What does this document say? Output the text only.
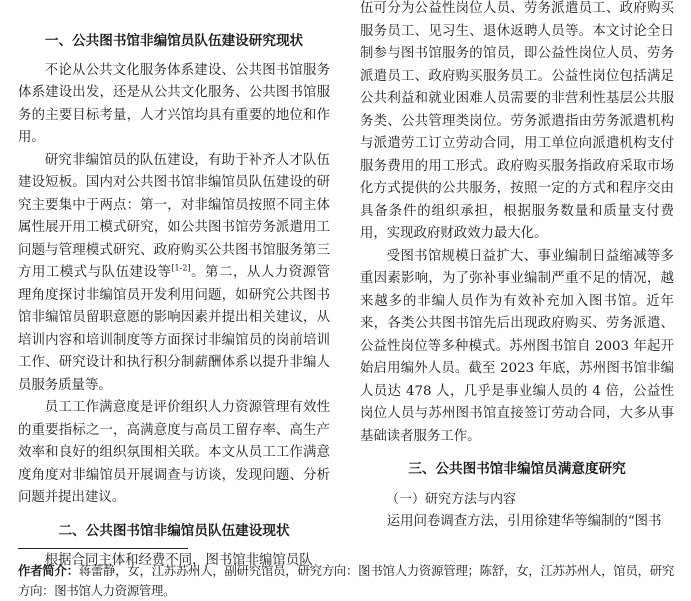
一、公共图书馆非编馆员队伍建设研究现状

不论从公共文化服务体系建设、公共图书馆服务体系建设出发，还是从公共文化服务、公共图书馆服务的主要目标考量，人才兴馆均具有重要的地位和作用。

研究非编馆员的队伍建设，有助于补齐人才队伍建设短板。国内对公共图书馆非编馆员队伍建设的研究主要集中于两点：第一，对非编馆员按照不同主体属性展开用工模式研究，如公共图书馆劳务派遣用工问题与管理模式研究、政府购买公共图书馆服务第三方用工模式与队伍建设等[1-2]。第二，从人力资源管理角度探讨非编馆员开发利用问题，如研究公共图书馆非编馆员留职意愿的影响因素并提出相关建议，从培训内容和培训制度等方面探讨非编馆员的岗前培训工作、研究设计和执行积分制薪酬体系以提升非编人员服务质量等。

员工工作满意度是评价组织人力资源管理有效性的重要指标之一，高满意度与高员工留存率、高生产效率和良好的组织氛围相关联。本文从员工工作满意度角度对非编馆员开展调查与访谈，发现问题、分析问题并提出建议。

二、公共图书馆非编馆员队伍建设现状

根据合同主体和经费不同，图书馆非编馆员队

伍可分为公益性岗位人员、劳务派遣员工、政府购买服务员工、见习生、退休返聘人员等。本文讨论全日制参与图书馆服务的馆员，即公益性岗位人员、劳务派遣员工、政府购买服务员工。公益性岗位包括满足公共利益和就业困难人员需要的非营利性基层公共服务类、公共管理类岗位。劳务派遣指由劳务派遣机构与派遣劳工订立劳动合同，用工单位向派遣机构支付服务费用的用工形式。政府购买服务指政府采取市场化方式提供的公共服务，按照一定的方式和程序交由具备条件的组织承担，根据服务数量和质量支付费用，实现政府财政效力最大化。

受图书馆规模日益扩大、事业编制日益缩减等多重因素影响，为了弥补事业编制严重不足的情况，越来越多的非编人员作为有效补充加入图书馆。近年来，各类公共图书馆先后出现政府购买、劳务派遣、公益性岗位等多种模式。苏州图书馆自 2003 年起开始启用编外人员。截至 2023 年底，苏州图书馆非编人员达 478 人，几乎是事业编人员的 4 倍，公益性岗位人员与苏州图书馆直接签订劳动合同，大多从事基础读者服务工作。

三、公共图书馆非编馆员满意度研究

（一）研究方法与内容

运用问卷调查方法，引用徐建华等编制的“图书

作者简介：蒋蕾静，女，江苏苏州人，副研究馆员，研究方向：图书馆人力资源管理；陈舒，女，江苏苏州人，馆员，研究方向：图书馆人力资源管理。
